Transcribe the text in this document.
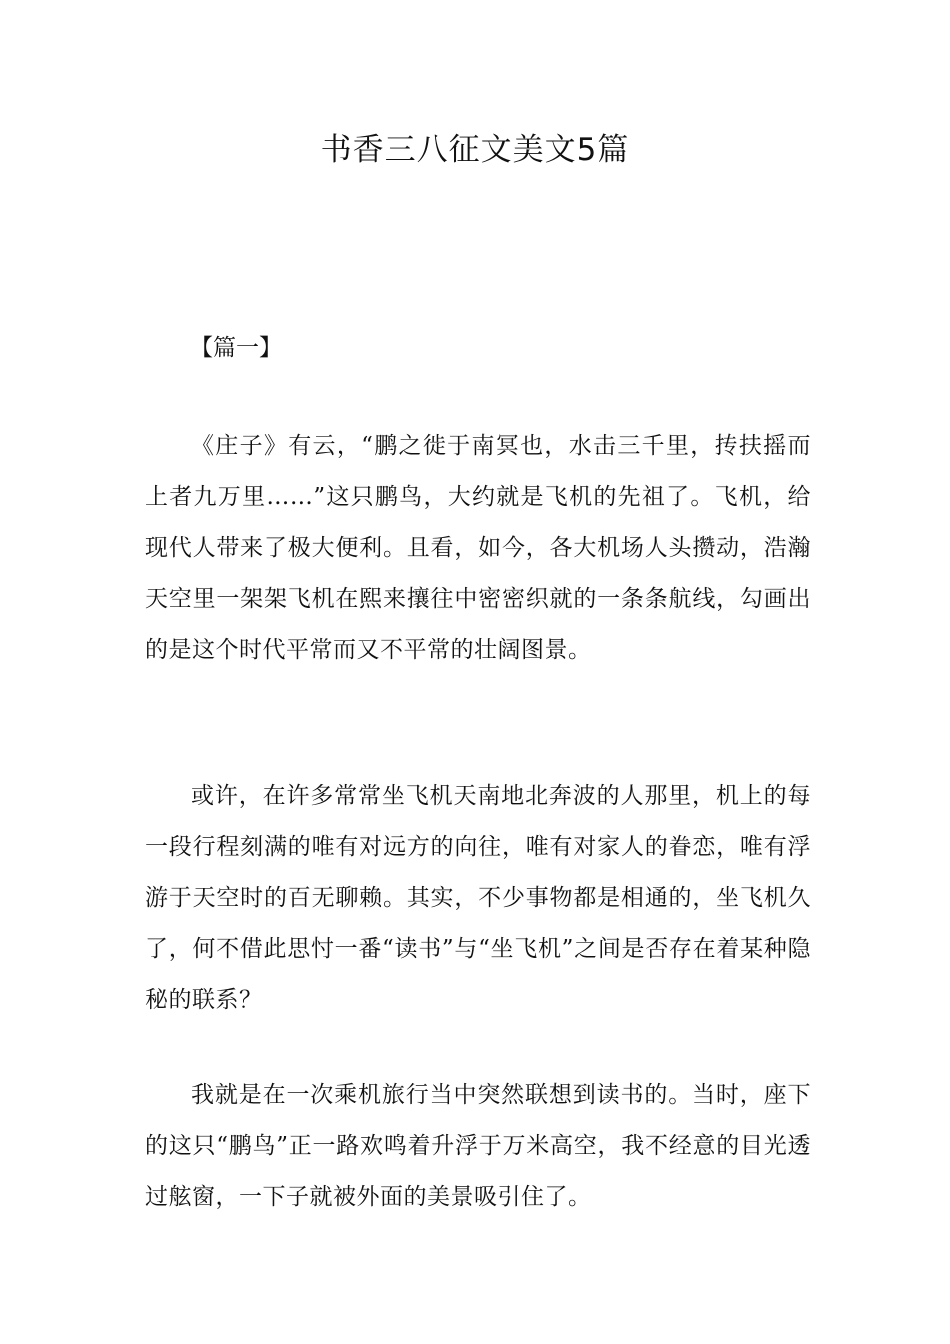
书香三八征文美文5篇

【篇一】

《庄子》有云，“鹏之徙于南冥也，水击三千里，抟扶摇而上者九万里……”这只鹏鸟，大约就是飞机的先祖了。飞机，给现代人带来了极大便利。且看，如今，各大机场人头攒动，浩瀚天空里一架架飞机在熙来攘往中密密织就的一条条航线，勾画出的是这个时代平常而又不平常的壮阔图景。

或许，在许多常常坐飞机天南地北奔波的人那里，机上的每一段行程刻满的唯有对远方的向往，唯有对家人的眷恋，唯有浮游于天空时的百无聊赖。其实，不少事物都是相通的，坐飞机久了，何不借此思忖一番“读书”与“坐飞机”之间是否存在着某种隐秘的联系？

我就是在一次乘机旅行当中突然联想到读书的。当时，座下的这只“鹏鸟”正一路欢鸣着升浮于万米高空，我不经意的目光透过舷窗，一下子就被外面的美景吸引住了。
